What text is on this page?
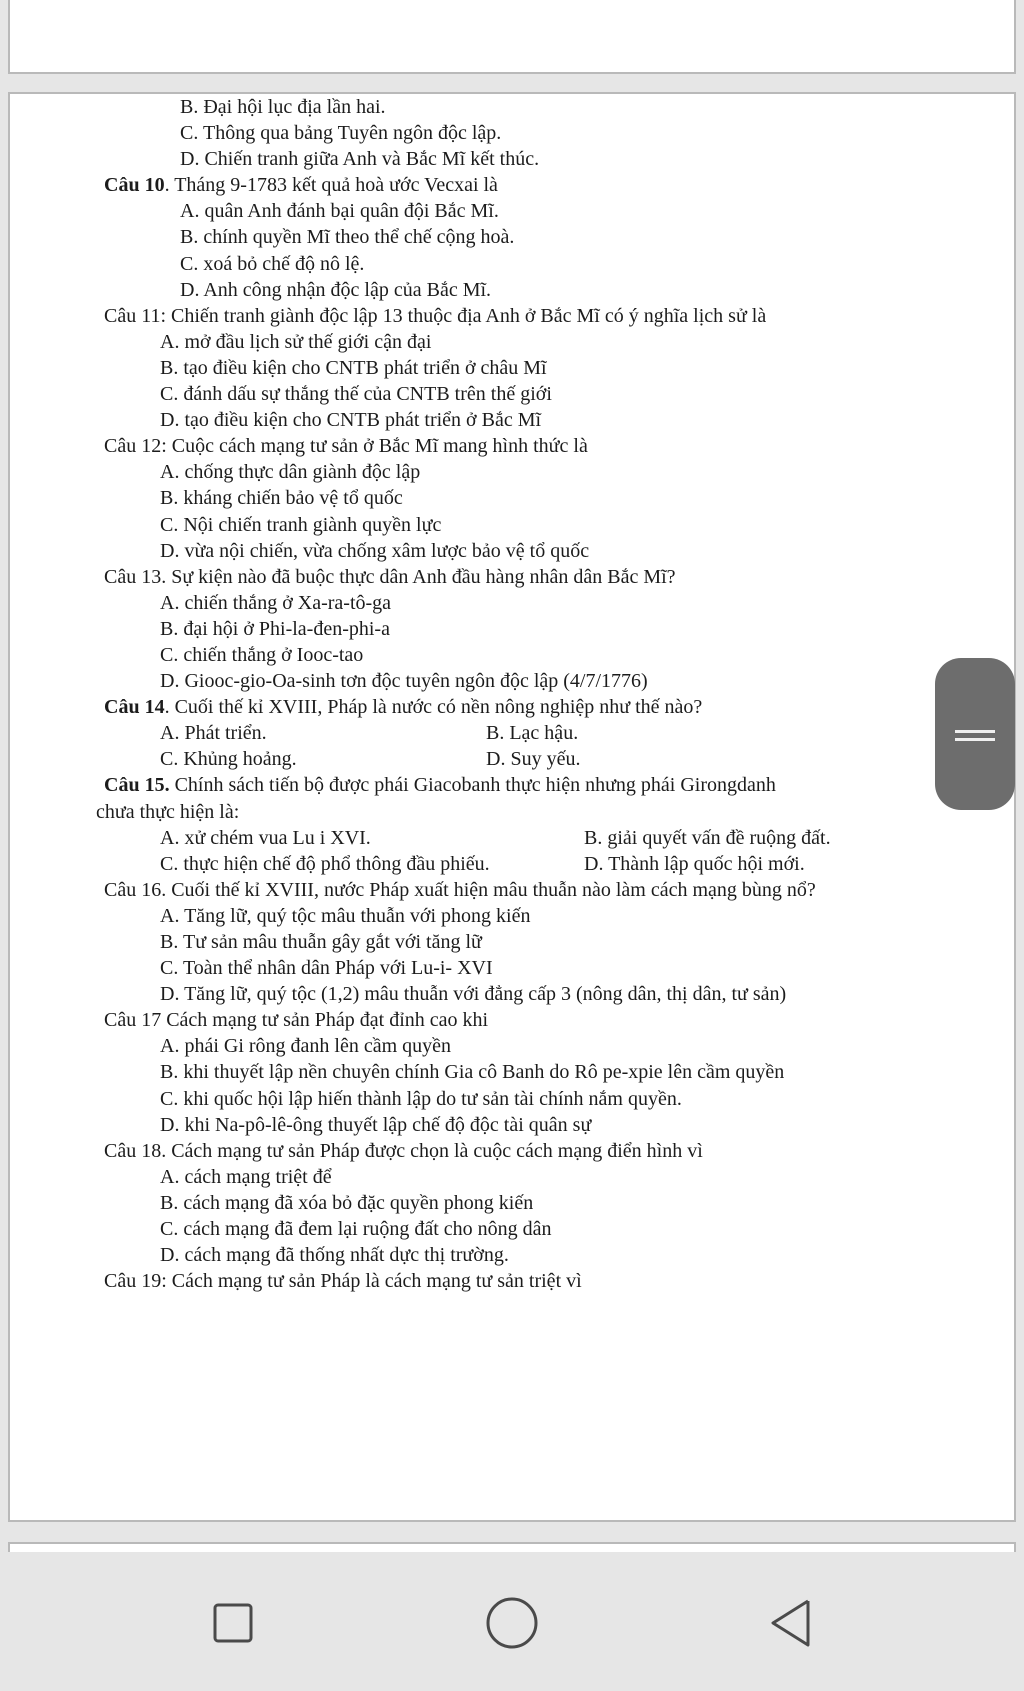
B. Đại hội lục địa lần hai.
C. Thông qua bảng Tuyên ngôn độc lập.
D. Chiến tranh giữa Anh và Bắc Mĩ kết thúc.
Câu 10. Tháng 9-1783 kết quả hoà ước Vecxai là
A. quân Anh đánh bại quân đội Bắc Mĩ.
B. chính quyền Mĩ theo thể chế cộng hoà.
C. xoá bỏ chế độ nô lệ.
D. Anh công nhận độc lập của Bắc Mĩ.
Câu 11: Chiến tranh giành độc lập 13 thuộc địa Anh ở Bắc Mĩ có ý nghĩa lịch sử là
A. mở đầu lịch sử thế giới cận đại
B. tạo điều kiện cho CNTB phát triển ở châu Mĩ
C. đánh dấu sự thắng thế của CNTB trên thế giới
D. tạo điều kiện cho CNTB phát triển ở Bắc Mĩ
Câu 12: Cuộc cách mạng tư sản ở Bắc Mĩ mang hình thức là
A. chống thực dân giành độc lập
B. kháng chiến bảo vệ tổ quốc
C. Nội chiến tranh giành quyền lực
D. vừa nội chiến, vừa chống xâm lược bảo vệ tổ quốc
Câu 13. Sự kiện nào đã buộc thực dân Anh đầu hàng nhân dân Bắc Mĩ?
A. chiến thắng ở Xa-ra-tô-ga
B. đại hội ở Phi-la-đen-phi-a
C. chiến thắng ở Iooc-tao
D. Giooc-gio-Oa-sinh tơn độc tuyên ngôn độc lập (4/7/1776)
Câu 14. Cuối thế kỉ XVIII, Pháp là nước có nền nông nghiệp như thế nào?
A. Phát triển.	B. Lạc hậu.
C. Khủng hoảng.	D. Suy yếu.
Câu 15. Chính sách tiến bộ được phái Giacobanh thực hiện nhưng phái Girongdanh
chưa thực hiện là:
A. xử chém vua Lu i XVI.	B. giải quyết vấn đề ruộng đất.
C. thực hiện chế độ phổ thông đầu phiếu.	D. Thành lập quốc hội mới.
Câu 16. Cuối thế kỉ XVIII, nước Pháp xuất hiện mâu thuẫn nào làm cách mạng bùng nổ?
A. Tăng lữ, quý tộc mâu thuẫn với phong kiến
B. Tư sản mâu thuẫn gây gắt với tăng lữ
C. Toàn thể nhân dân Pháp với Lu-i- XVI
D. Tăng lữ, quý tộc (1,2) mâu thuẫn với đẳng cấp 3 (nông dân, thị dân, tư sản)
Câu 17 Cách mạng tư sản Pháp đạt đỉnh cao khi
A. phái Gi rông đanh lên cầm quyền
B. khi thuyết lập nền chuyên chính Gia cô Banh do Rô pe-xpie lên cầm quyền
C. khi quốc hội lập hiến thành lập do tư sản tài chính nắm quyền.
D. khi Na-pô-lê-ông thuyết lập chế độ độc tài quân sự
Câu 18. Cách mạng tư sản Pháp được chọn là cuộc cách mạng điển hình vì
A. cách mạng triệt để
B. cách mạng đã xóa bỏ đặc quyền phong kiến
C. cách mạng đã đem lại ruộng đất cho nông dân
D. cách mạng đã thống nhất dực thị trường.
Câu 19: Cách mạng tư sản Pháp là cách mạng tư sản triệt vì
